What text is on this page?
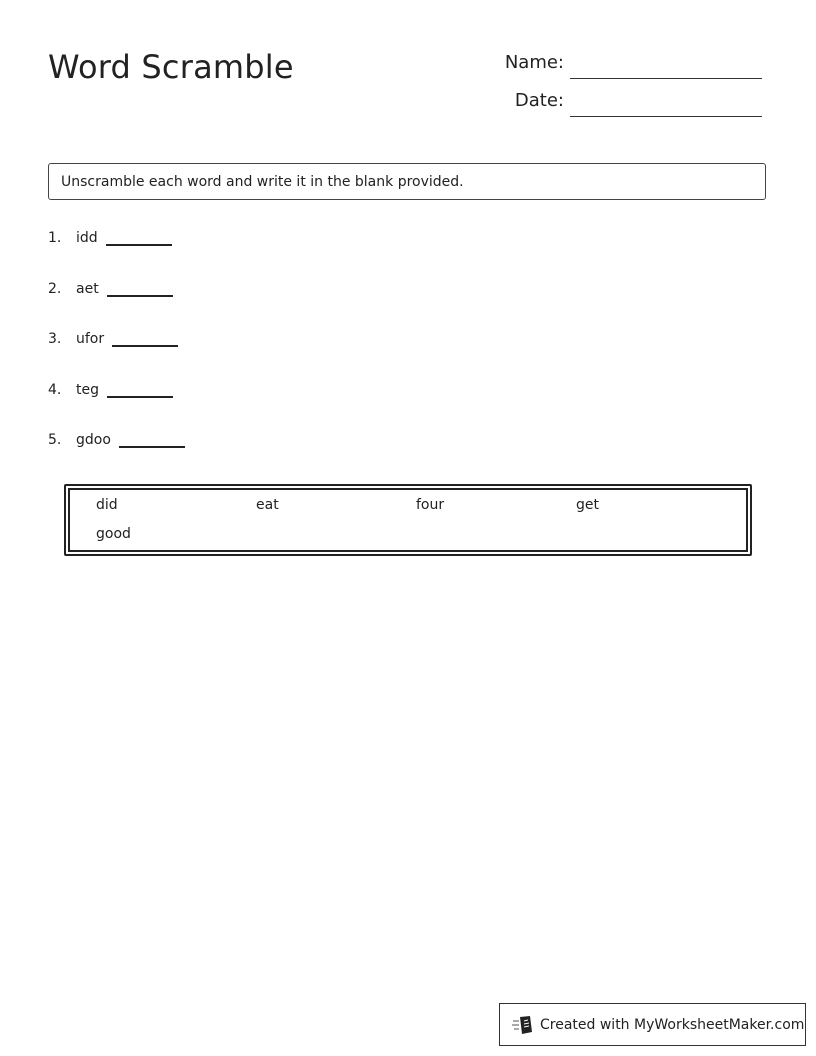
Word Scramble	Name:
Date:
Unscramble each word and write it in the blank provided.
1.	idd
2.	aet
3.	ufor
4.	teg
5.	gdoo
did	eat	four	get
good
Created with MyWorksheetMaker.com
